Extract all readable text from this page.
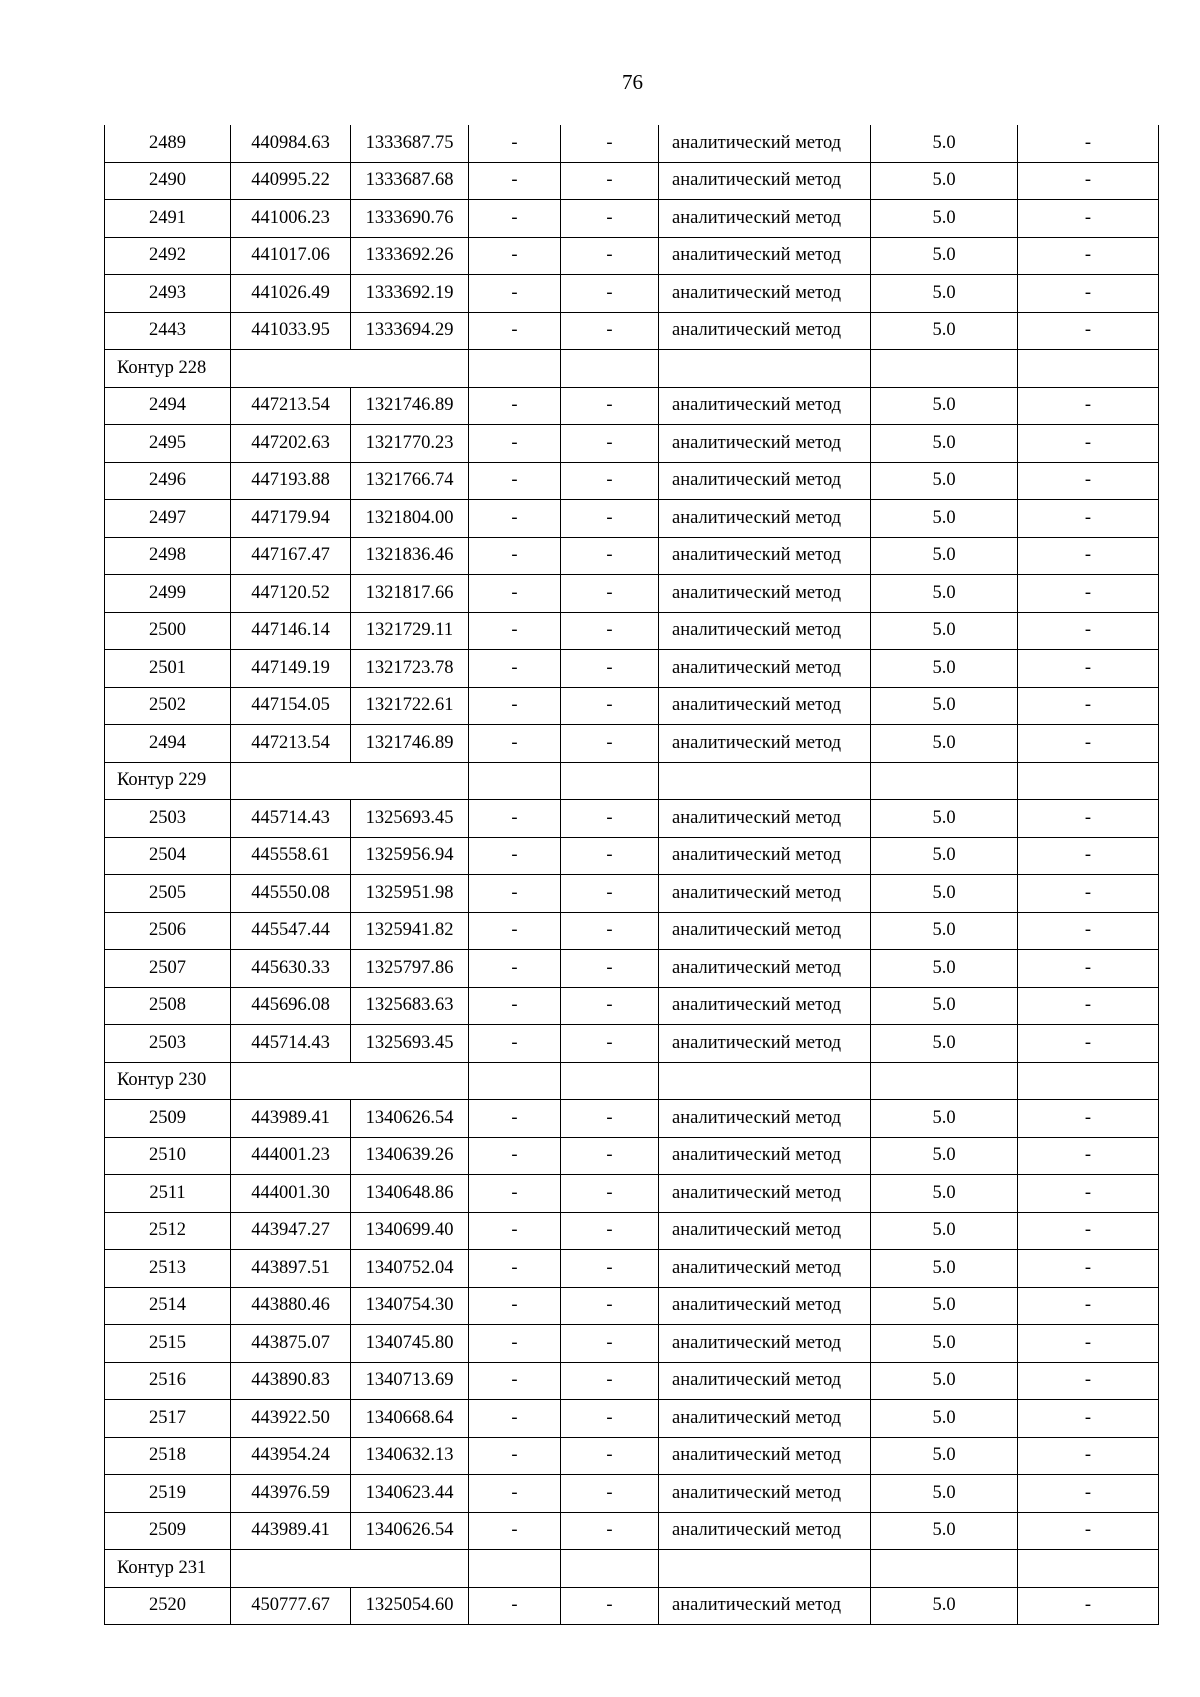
76
2489	440984.63	1333687.75	-	-	аналитический метод	5.0	-
2490	440995.22	1333687.68	-	-	аналитический метод	5.0	-
2491	441006.23	1333690.76	-	-	аналитический метод	5.0	-
2492	441017.06	1333692.26	-	-	аналитический метод	5.0	-
2493	441026.49	1333692.19	-	-	аналитический метод	5.0	-
2443	441033.95	1333694.29	-	-	аналитический метод	5.0	-
Контур 228							
2494	447213.54	1321746.89	-	-	аналитический метод	5.0	-
2495	447202.63	1321770.23	-	-	аналитический метод	5.0	-
2496	447193.88	1321766.74	-	-	аналитический метод	5.0	-
2497	447179.94	1321804.00	-	-	аналитический метод	5.0	-
2498	447167.47	1321836.46	-	-	аналитический метод	5.0	-
2499	447120.52	1321817.66	-	-	аналитический метод	5.0	-
2500	447146.14	1321729.11	-	-	аналитический метод	5.0	-
2501	447149.19	1321723.78	-	-	аналитический метод	5.0	-
2502	447154.05	1321722.61	-	-	аналитический метод	5.0	-
2494	447213.54	1321746.89	-	-	аналитический метод	5.0	-
Контур 229							
2503	445714.43	1325693.45	-	-	аналитический метод	5.0	-
2504	445558.61	1325956.94	-	-	аналитический метод	5.0	-
2505	445550.08	1325951.98	-	-	аналитический метод	5.0	-
2506	445547.44	1325941.82	-	-	аналитический метод	5.0	-
2507	445630.33	1325797.86	-	-	аналитический метод	5.0	-
2508	445696.08	1325683.63	-	-	аналитический метод	5.0	-
2503	445714.43	1325693.45	-	-	аналитический метод	5.0	-
Контур 230							
2509	443989.41	1340626.54	-	-	аналитический метод	5.0	-
2510	444001.23	1340639.26	-	-	аналитический метод	5.0	-
2511	444001.30	1340648.86	-	-	аналитический метод	5.0	-
2512	443947.27	1340699.40	-	-	аналитический метод	5.0	-
2513	443897.51	1340752.04	-	-	аналитический метод	5.0	-
2514	443880.46	1340754.30	-	-	аналитический метод	5.0	-
2515	443875.07	1340745.80	-	-	аналитический метод	5.0	-
2516	443890.83	1340713.69	-	-	аналитический метод	5.0	-
2517	443922.50	1340668.64	-	-	аналитический метод	5.0	-
2518	443954.24	1340632.13	-	-	аналитический метод	5.0	-
2519	443976.59	1340623.44	-	-	аналитический метод	5.0	-
2509	443989.41	1340626.54	-	-	аналитический метод	5.0	-
Контур 231							
2520	450777.67	1325054.60	-	-	аналитический метод	5.0	-
